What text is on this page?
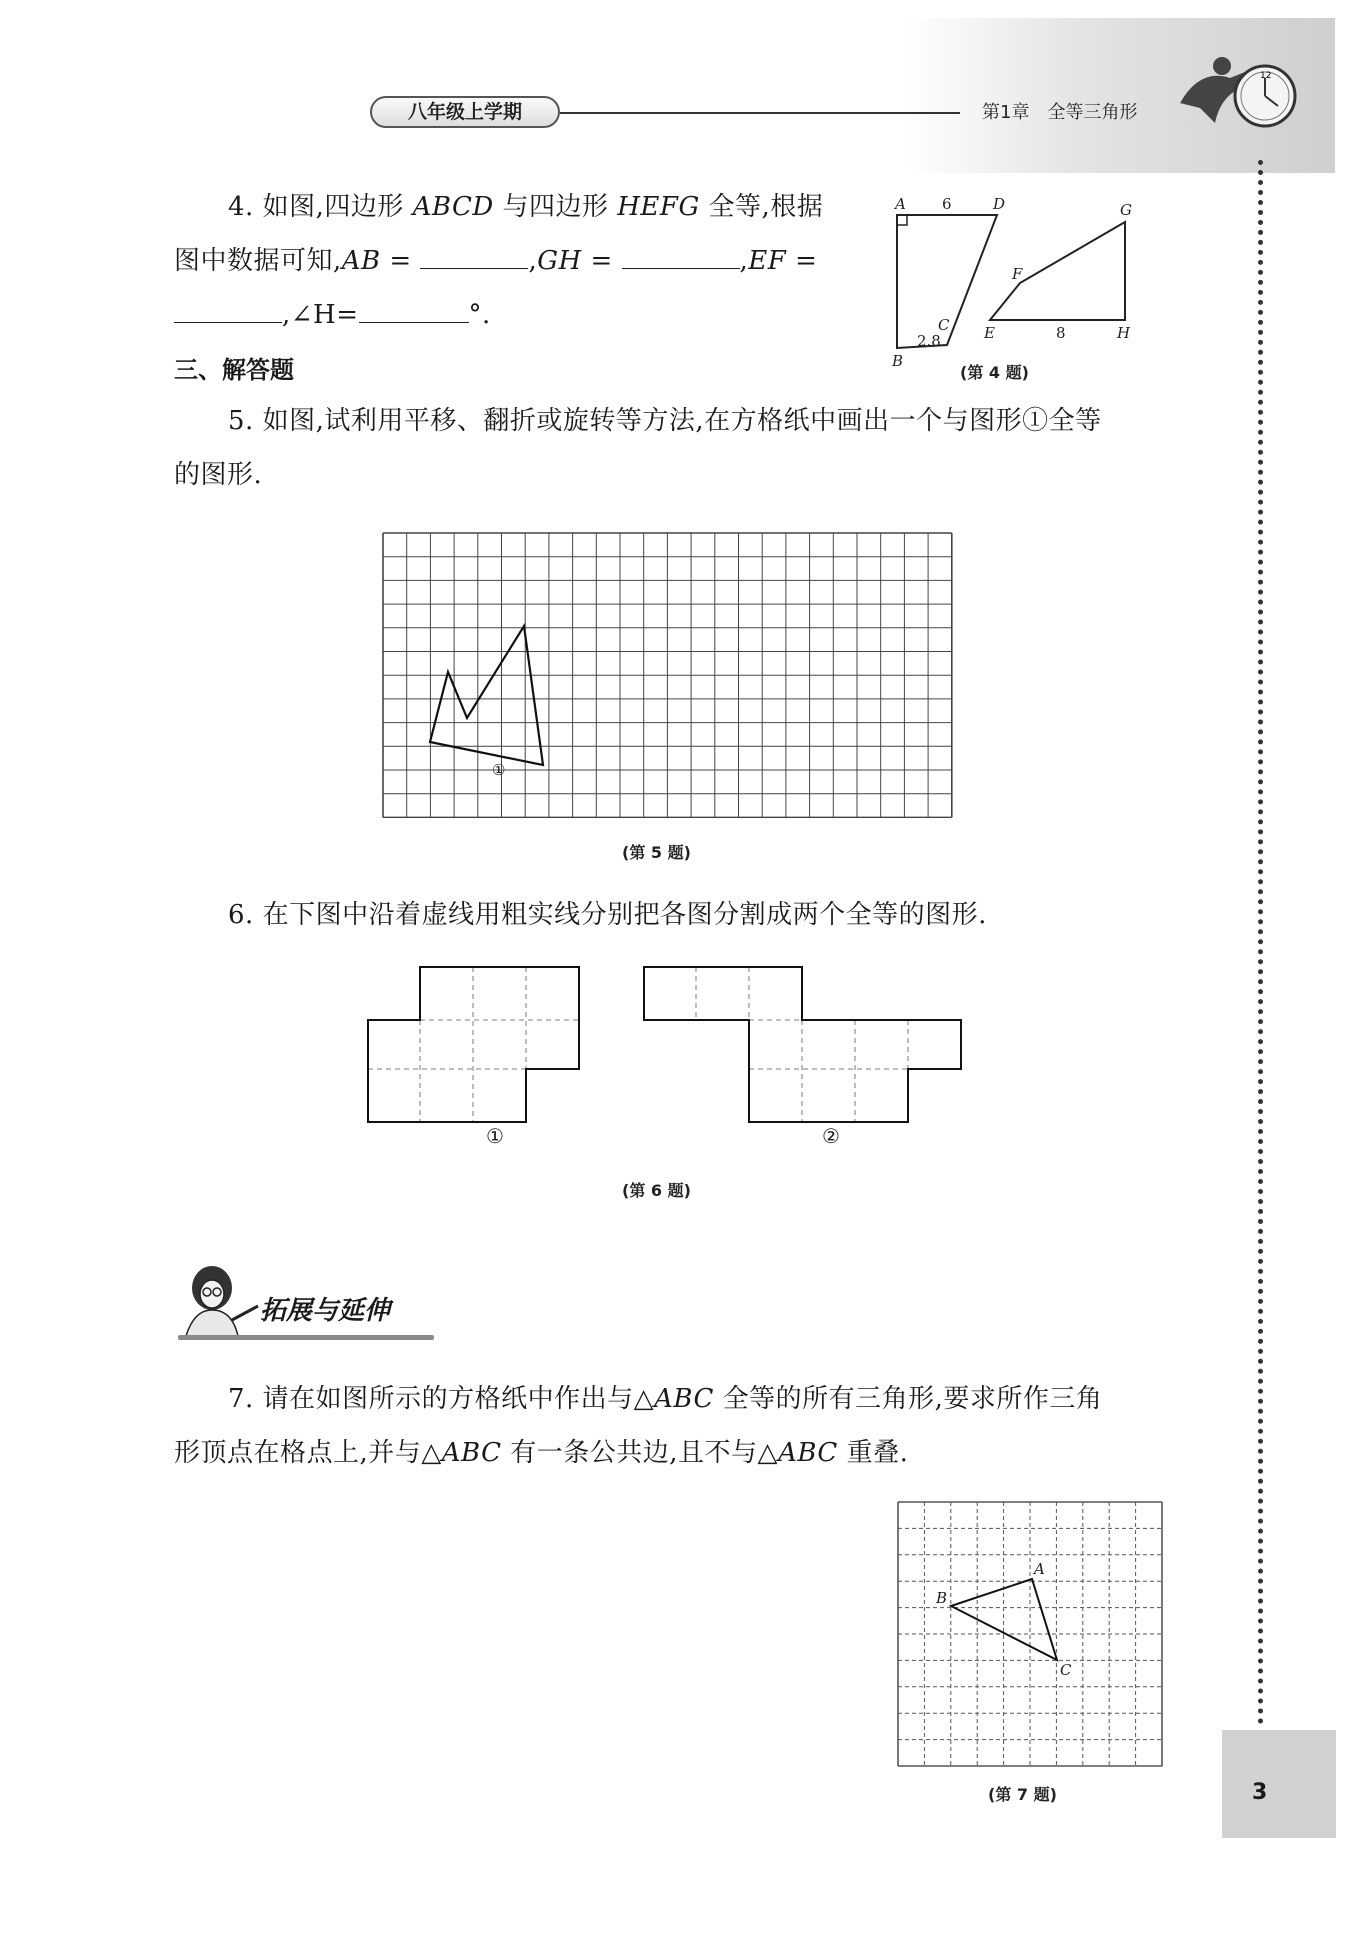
八年级上学期	第1章 全等三角形
12
3
4. 如图,四边形 ABCD 与四边形 HEFG 全等,根据
图中数据可知,AB =	,GH =	,EF =
,∠H=	°.
A	D
6
B
C
2.8	E
F
G
H
8
(第 4 题)
三、解答题
5. 如图,试利用平移、翻折或旋转等方法,在方格纸中画出一个与图形①全等
的图形.
①
(第 5 题)
6. 在下图中沿着虚线用粗实线分别把各图分割成两个全等的图形.
①	②
(第 6 题)
拓展与延伸
7. 请在如图所示的方格纸中作出与△ABC 全等的所有三角形,要求所作三角
形顶点在格点上,并与△ABC 有一条公共边,且不与△ABC 重叠.
A
B
C
(第 7 题)
